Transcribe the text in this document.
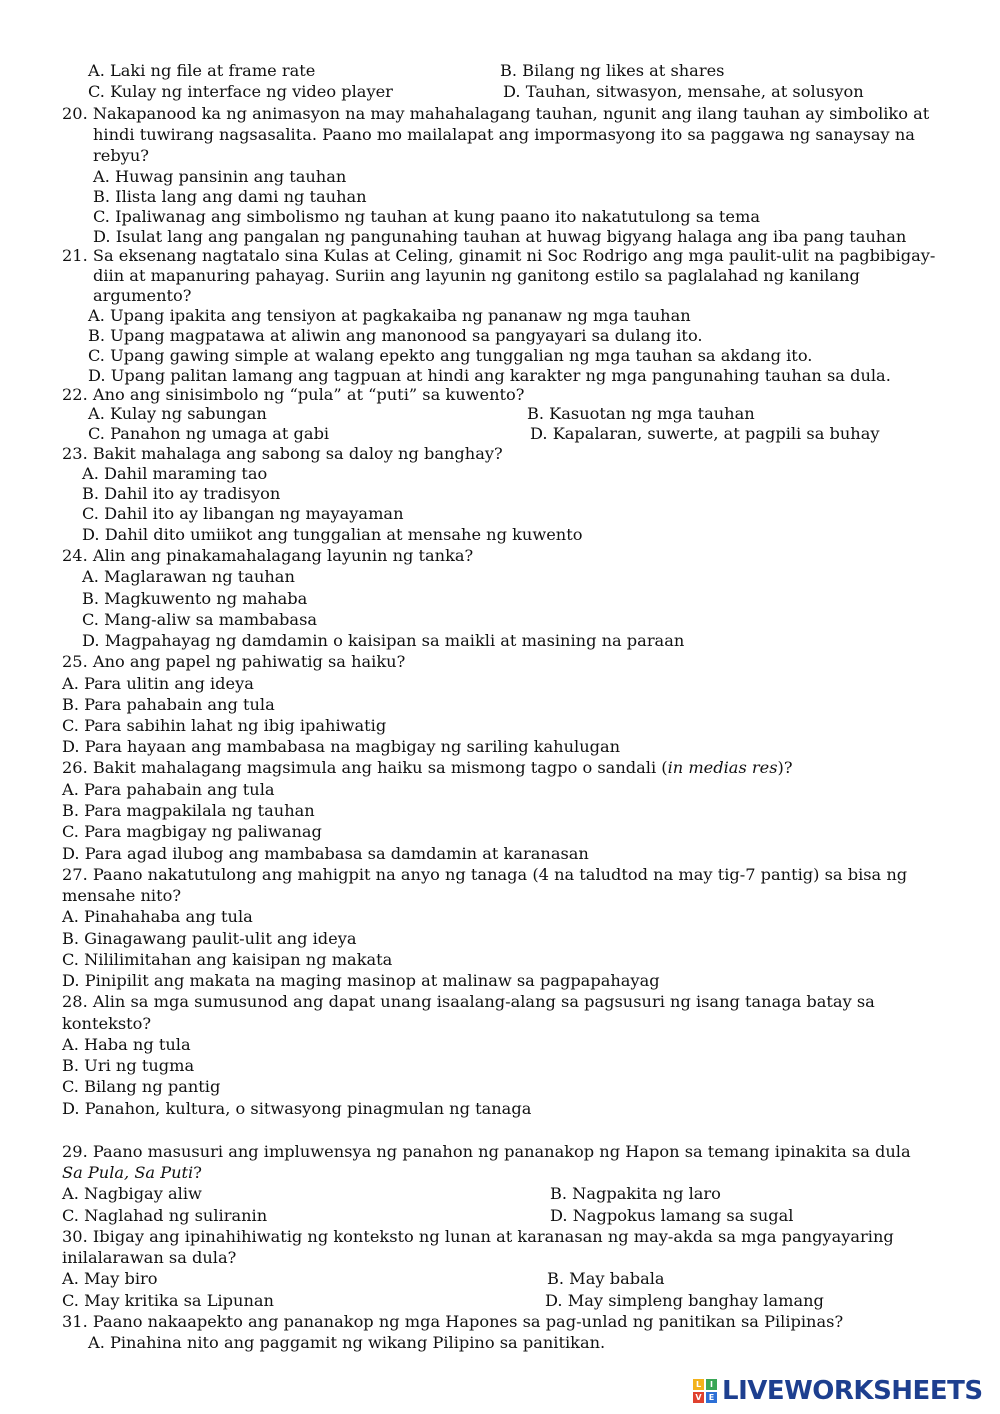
A. Laki ng file at frame rate	B. Bilang ng likes at shares
C. Kulay ng interface ng video player	D. Tauhan, sitwasyon, mensahe, at solusyon
20. Nakapanood ka ng animasyon na may mahahalagang tauhan, ngunit ang ilang tauhan ay simboliko at
hindi tuwirang nagsasalita. Paano mo mailalapat ang impormasyong ito sa paggawa ng sanaysay na
rebyu?
A. Huwag pansinin ang tauhan
B. Ilista lang ang dami ng tauhan
C. Ipaliwanag ang simbolismo ng tauhan at kung paano ito nakatutulong sa tema
D. Isulat lang ang pangalan ng pangunahing tauhan at huwag bigyang halaga ang iba pang tauhan
21. Sa eksenang nagtatalo sina Kulas at Celing, ginamit ni Soc Rodrigo ang mga paulit-ulit na pagbibigay-
diin at mapanuring pahayag. Suriin ang layunin ng ganitong estilo sa paglalahad ng kanilang
argumento?
A. Upang ipakita ang tensiyon at pagkakaiba ng pananaw ng mga tauhan
B. Upang magpatawa at aliwin ang manonood sa pangyayari sa dulang ito.
C. Upang gawing simple at walang epekto ang tunggalian ng mga tauhan sa akdang ito.
D. Upang palitan lamang ang tagpuan at hindi ang karakter ng mga pangunahing tauhan sa dula.
22. Ano ang sinisimbolo ng “pula” at “puti” sa kuwento?
A. Kulay ng sabungan	B. Kasuotan ng mga tauhan
C. Panahon ng umaga at gabi	D. Kapalaran, suwerte, at pagpili sa buhay
23. Bakit mahalaga ang sabong sa daloy ng banghay?
A. Dahil maraming tao
B. Dahil ito ay tradisyon
C. Dahil ito ay libangan ng mayayaman
D. Dahil dito umiikot ang tunggalian at mensahe ng kuwento
24. Alin ang pinakamahalagang layunin ng tanka?
A. Maglarawan ng tauhan
B. Magkuwento ng mahaba
C. Mang-aliw sa mambabasa
D. Magpahayag ng damdamin o kaisipan sa maikli at masining na paraan
25. Ano ang papel ng pahiwatig sa haiku?
A. Para ulitin ang ideya
B. Para pahabain ang tula
C. Para sabihin lahat ng ibig ipahiwatig
D. Para hayaan ang mambabasa na magbigay ng sariling kahulugan
26. Bakit mahalagang magsimula ang haiku sa mismong tagpo o sandali (in medias res)?
A. Para pahabain ang tula
B. Para magpakilala ng tauhan
C. Para magbigay ng paliwanag
D. Para agad ilubog ang mambabasa sa damdamin at karanasan
27. Paano nakatutulong ang mahigpit na anyo ng tanaga (4 na taludtod na may tig-7 pantig) sa bisa ng
mensahe nito?
A. Pinahahaba ang tula
B. Ginagawang paulit-ulit ang ideya
C. Nililimitahan ang kaisipan ng makata
D. Pinipilit ang makata na maging masinop at malinaw sa pagpapahayag
28. Alin sa mga sumusunod ang dapat unang isaalang-alang sa pagsusuri ng isang tanaga batay sa
konteksto?
A. Haba ng tula
B. Uri ng tugma
C. Bilang ng pantig
D. Panahon, kultura, o sitwasyong pinagmulan ng tanaga
29. Paano masusuri ang impluwensya ng panahon ng pananakop ng Hapon sa temang ipinakita sa dula
Sa Pula, Sa Puti?
A. Nagbigay aliw	B. Nagpakita ng laro
C. Naglahad ng suliranin	D. Nagpokus lamang sa sugal
30. Ibigay ang ipinahihiwatig ng konteksto ng lunan at karanasan ng may-akda sa mga pangyayaring
inilalarawan sa dula?
A. May biro	B. May babala
C. May kritika sa Lipunan	D. May simpleng banghay lamang
31. Paano nakaapekto ang pananakop ng mga Hapones sa pag-unlad ng panitikan sa Pilipinas?
A. Pinahina nito ang paggamit ng wikang Pilipino sa panitikan.
L	I
V E LIVEWORKSHEETS
